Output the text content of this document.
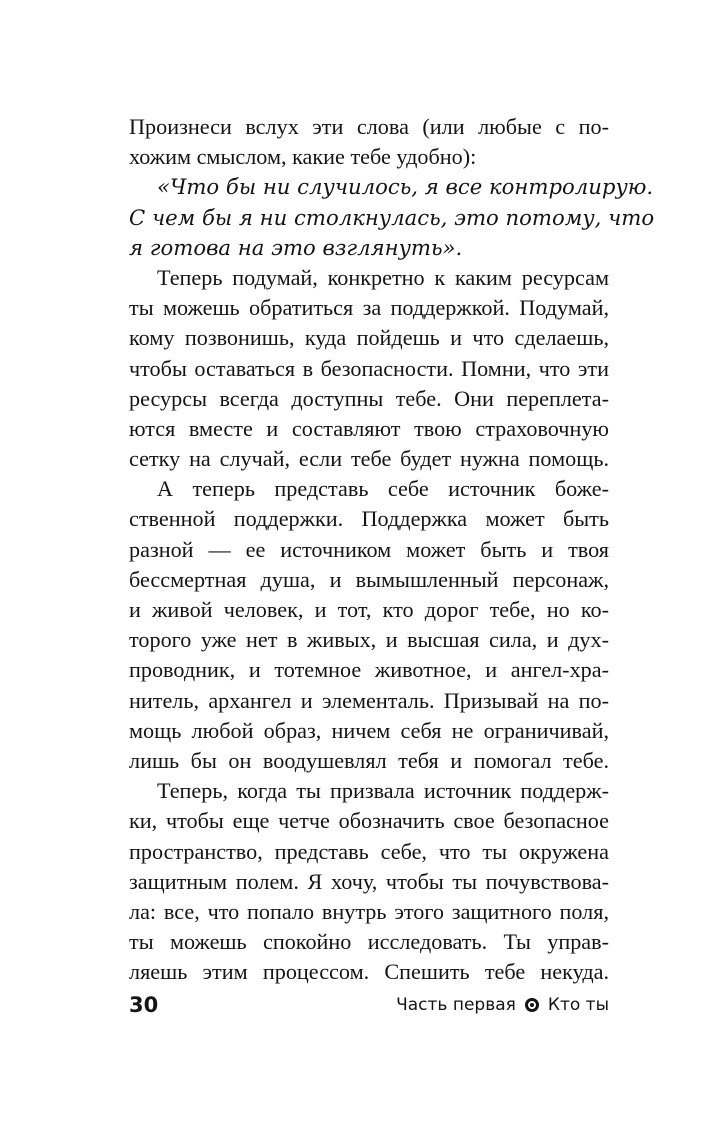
Произнеси вслух эти слова (или любые с по-
хожим смыслом, какие тебе удобно):
«Что бы ни случилось, я все контролирую.
С чем бы я ни столкнулась, это потому, что
я готова на это взглянуть».
Теперь подумай, конкретно к каким ресурсам
ты можешь обратиться за поддержкой. Подумай,
кому позвонишь, куда пойдешь и что сделаешь,
чтобы оставаться в безопасности. Помни, что эти
ресурсы всегда доступны тебе. Они переплета-
ются вместе и составляют твою страховочную
сетку на случай, если тебе будет нужна помощь.
А теперь представь себе источник боже-
ственной поддержки. Поддержка может быть
разной — ее источником может быть и твоя
бессмертная душа, и вымышленный персонаж,
и живой человек, и тот, кто дорог тебе, но ко-
торого уже нет в живых, и высшая сила, и дух-
проводник, и тотемное животное, и ангел-хра-
нитель, архангел и элементаль. Призывай на по-
мощь любой образ, ничем себя не ограничивай,
лишь бы он воодушевлял тебя и помогал тебе.
Теперь, когда ты призвала источник поддерж-
ки, чтобы еще четче обозначить свое безопасное
пространство, представь себе, что ты окружена
защитным полем. Я хочу, чтобы ты почувствова-
ла: все, что попало внутрь этого защитного поля,
ты можешь спокойно исследовать. Ты управ-
ляешь этим процессом. Спешить тебе некуда.
30	Часть первая Кто ты
